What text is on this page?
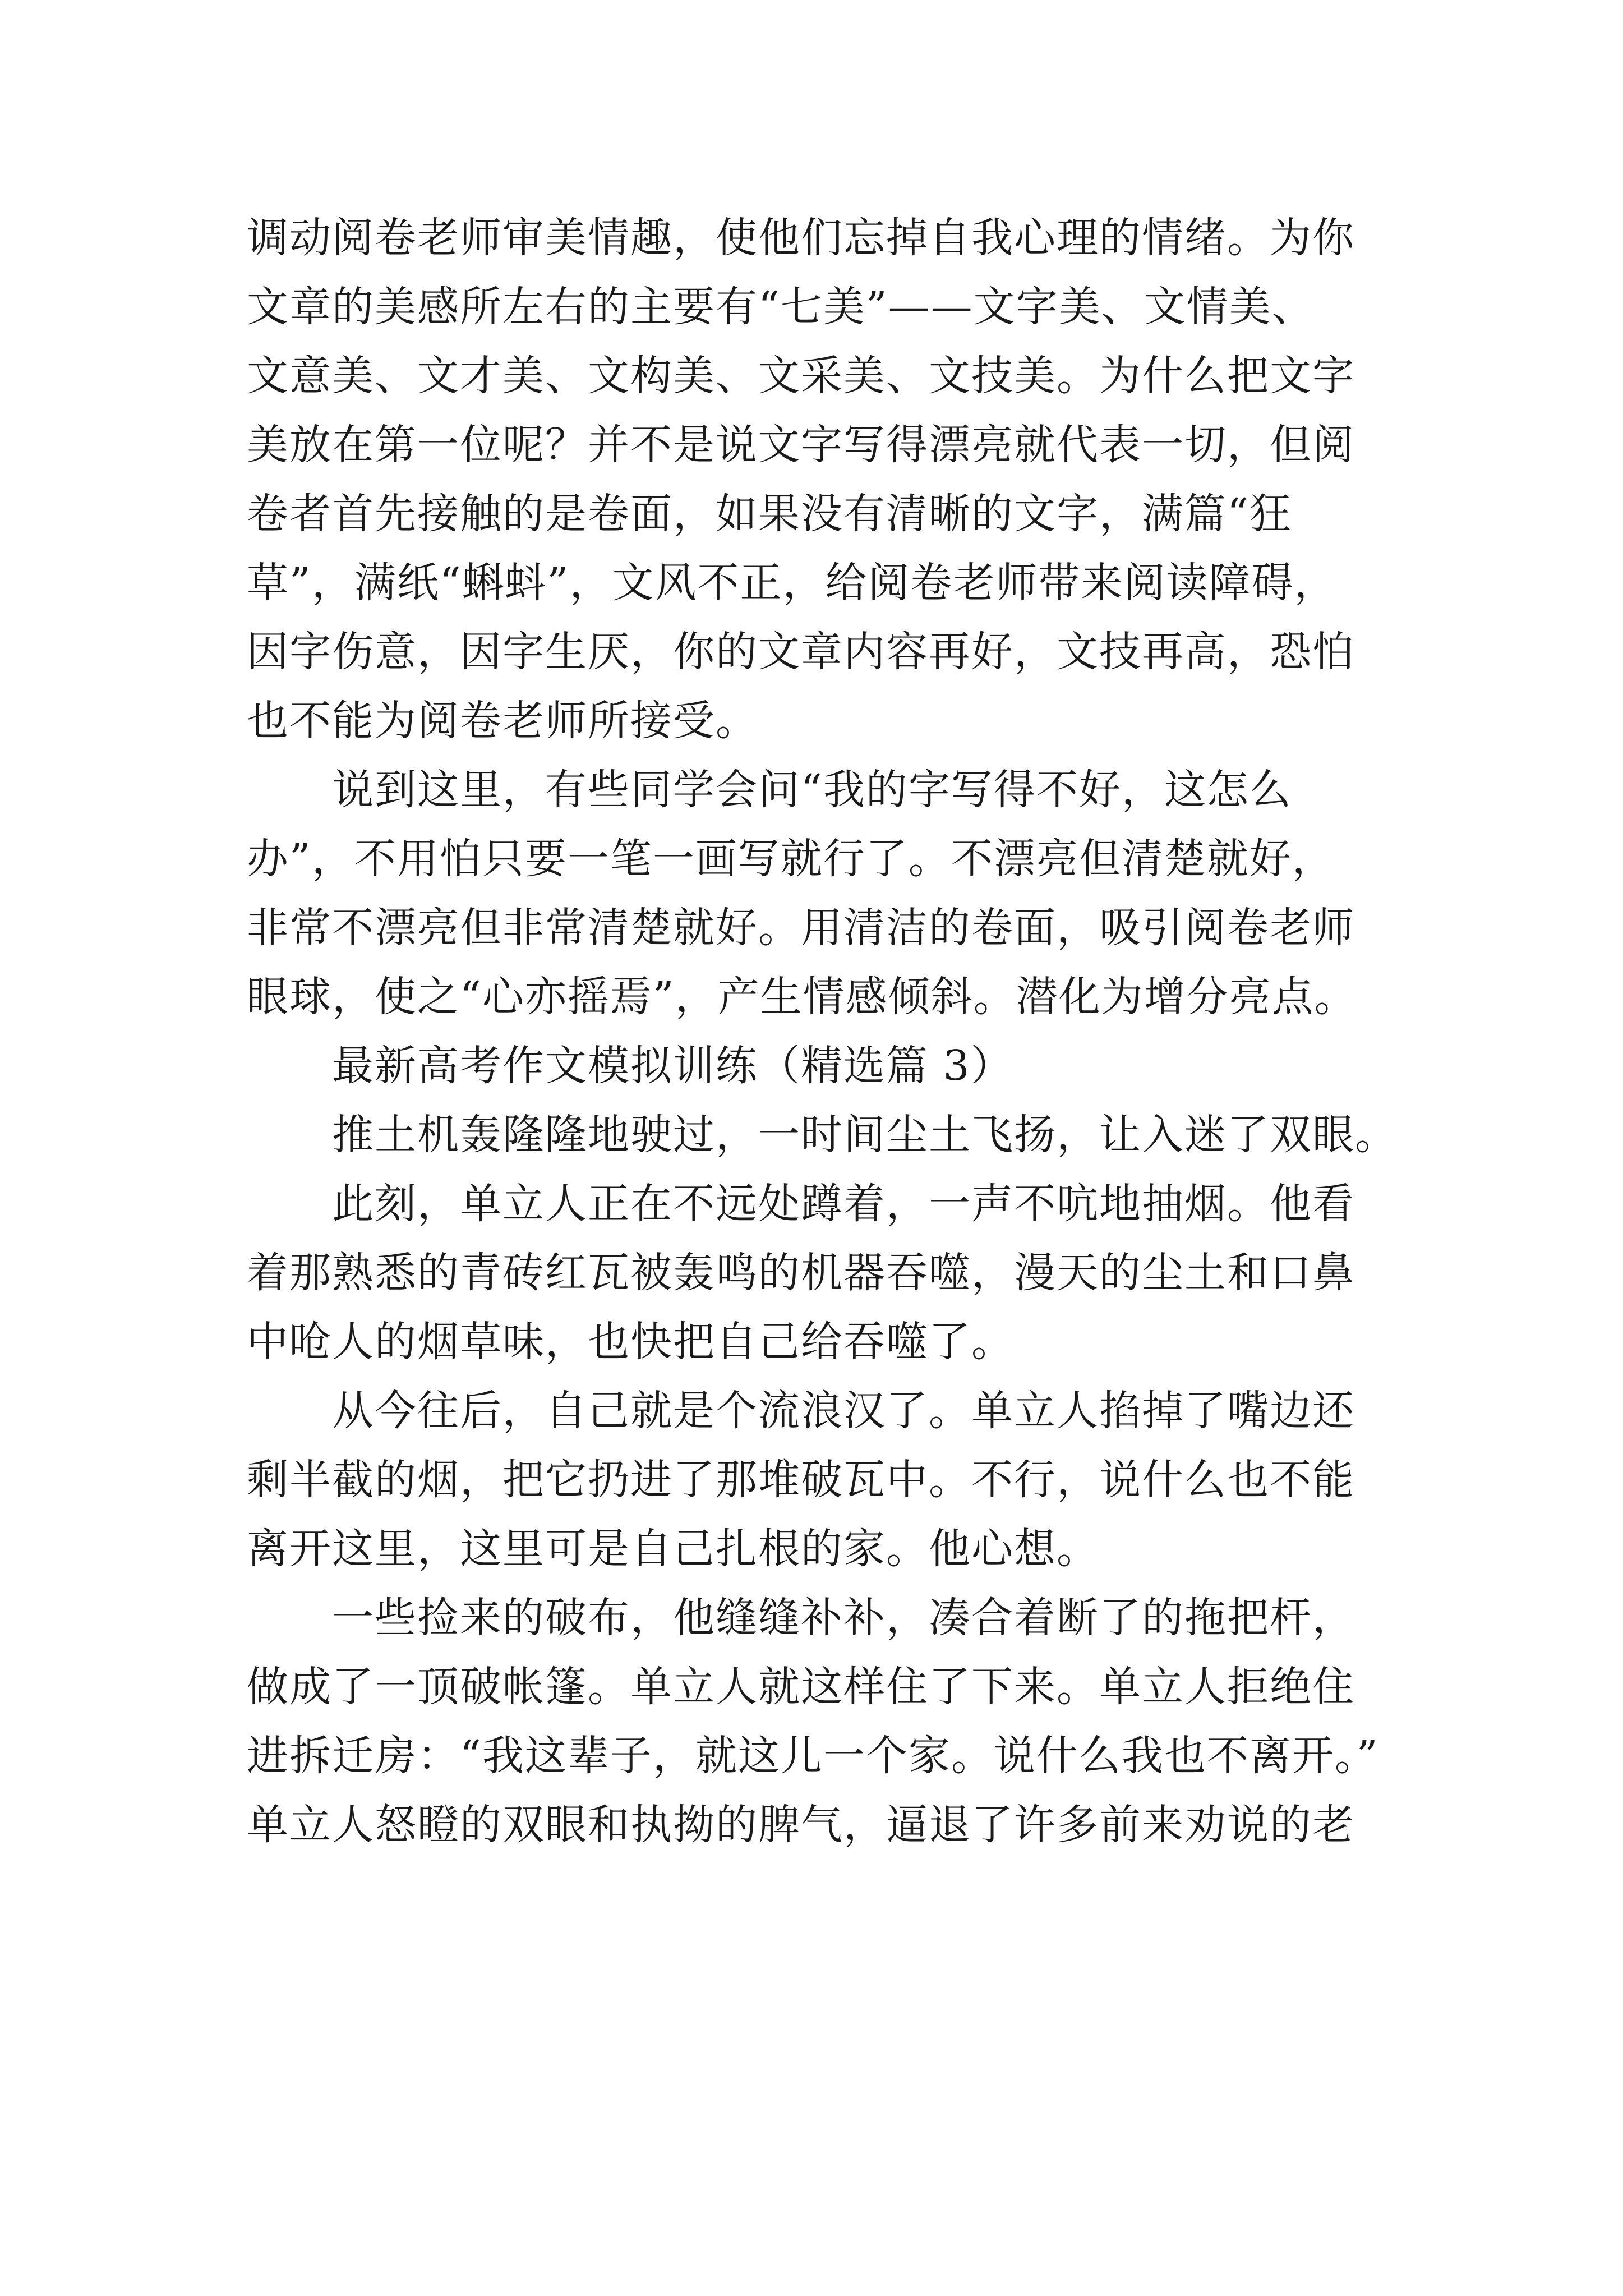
调动阅卷老师审美情趣，使他们忘掉自我心理的情绪。为你
文章的美感所左右的主要有“七美”——文字美、文情美、
文意美、文才美、文构美、文采美、文技美。为什么把文字
美放在第一位呢？并不是说文字写得漂亮就代表一切，但阅
卷者首先接触的是卷面，如果没有清晰的文字，满篇“狂
草”，满纸“蝌蚪”，文风不正，给阅卷老师带来阅读障碍，
因字伤意，因字生厌，你的文章内容再好，文技再高，恐怕
也不能为阅卷老师所接受。
说到这里，有些同学会问“我的字写得不好，这怎么
办”，不用怕只要一笔一画写就行了。不漂亮但清楚就好，
非常不漂亮但非常清楚就好。用清洁的卷面，吸引阅卷老师
眼球，使之“心亦摇焉”，产生情感倾斜。潜化为增分亮点。
最新高考作文模拟训练（精选篇 3）
推土机轰隆隆地驶过，一时间尘土飞扬，让入迷了双眼。
此刻，单立人正在不远处蹲着，一声不吭地抽烟。他看
着那熟悉的青砖红瓦被轰鸣的机器吞噬，漫天的尘土和口鼻
中呛人的烟草味，也快把自己给吞噬了。
从今往后，自己就是个流浪汉了。单立人掐掉了嘴边还
剩半截的烟，把它扔进了那堆破瓦中。不行，说什么也不能
离开这里，这里可是自己扎根的家。他心想。
一些捡来的破布，他缝缝补补，凑合着断了的拖把杆，
做成了一顶破帐篷。单立人就这样住了下来。单立人拒绝住
进拆迁房：“我这辈子，就这儿一个家。说什么我也不离开。”
单立人怒瞪的双眼和执拗的脾气，逼退了许多前来劝说的老
